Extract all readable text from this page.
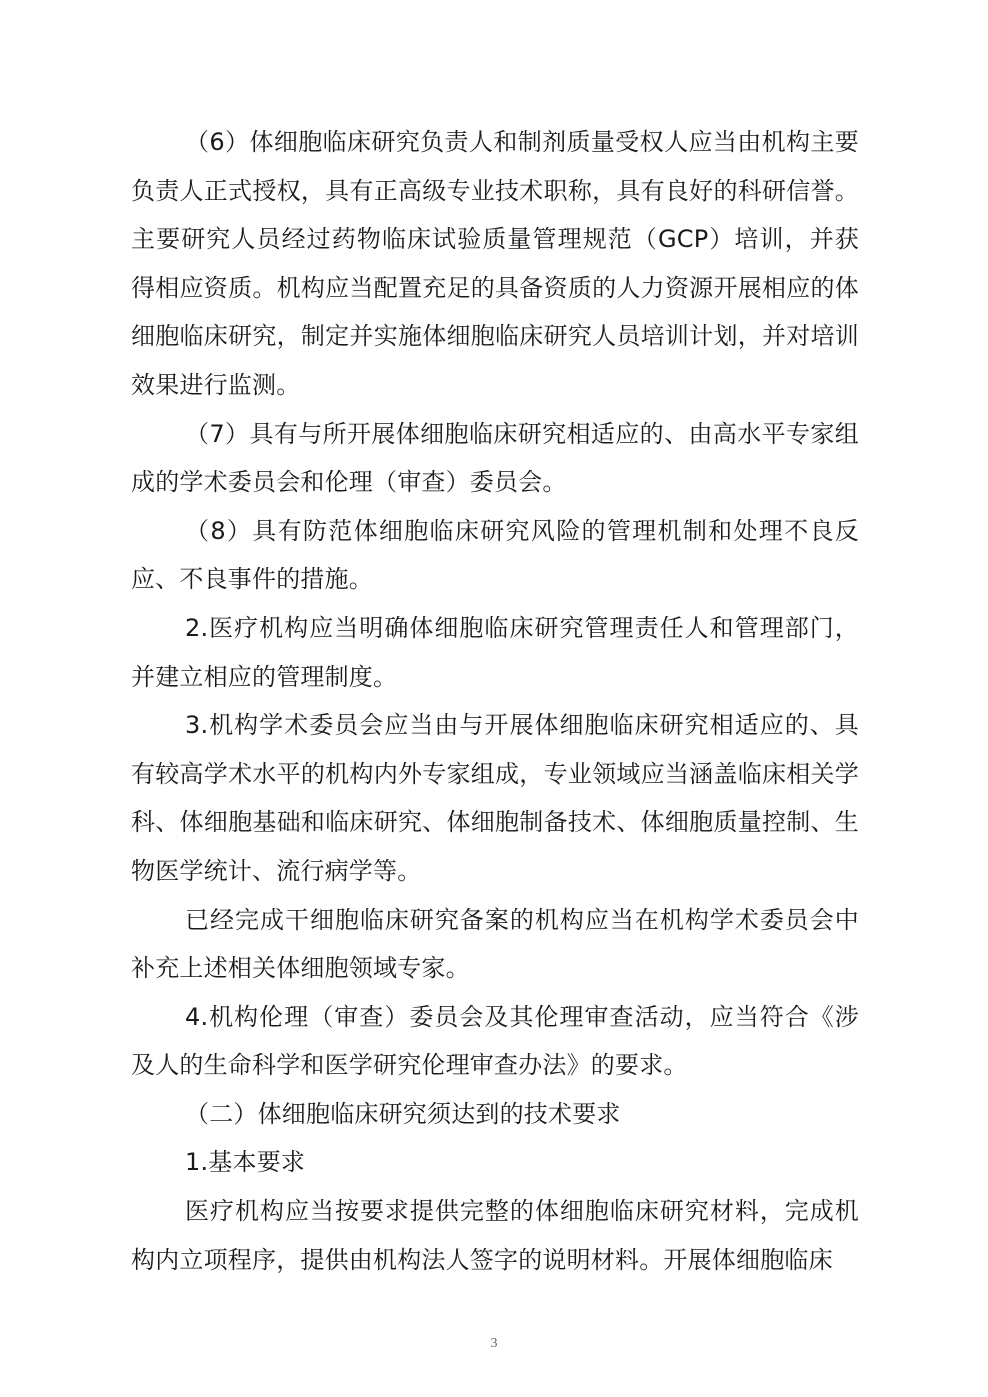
（6）体细胞临床研究负责人和制剂质量受权人应当由机构主要负责人正式授权，具有正高级专业技术职称，具有良好的科研信誉。主要研究人员经过药物临床试验质量管理规范（GCP）培训，并获得相应资质。机构应当配置充足的具备资质的人力资源开展相应的体细胞临床研究，制定并实施体细胞临床研究人员培训计划，并对培训效果进行监测。

（7）具有与所开展体细胞临床研究相适应的、由高水平专家组成的学术委员会和伦理（审查）委员会。

（8）具有防范体细胞临床研究风险的管理机制和处理不良反应、不良事件的措施。

2.医疗机构应当明确体细胞临床研究管理责任人和管理部门，并建立相应的管理制度。

3.机构学术委员会应当由与开展体细胞临床研究相适应的、具有较高学术水平的机构内外专家组成，专业领域应当涵盖临床相关学科、体细胞基础和临床研究、体细胞制备技术、体细胞质量控制、生物医学统计、流行病学等。

已经完成干细胞临床研究备案的机构应当在机构学术委员会中补充上述相关体细胞领域专家。

4.机构伦理（审查）委员会及其伦理审查活动，应当符合《涉及人的生命科学和医学研究伦理审查办法》的要求。

（二）体细胞临床研究须达到的技术要求

1.基本要求

医疗机构应当按要求提供完整的体细胞临床研究材料，完成机构内立项程序，提供由机构法人签字的说明材料。开展体细胞临床

3
